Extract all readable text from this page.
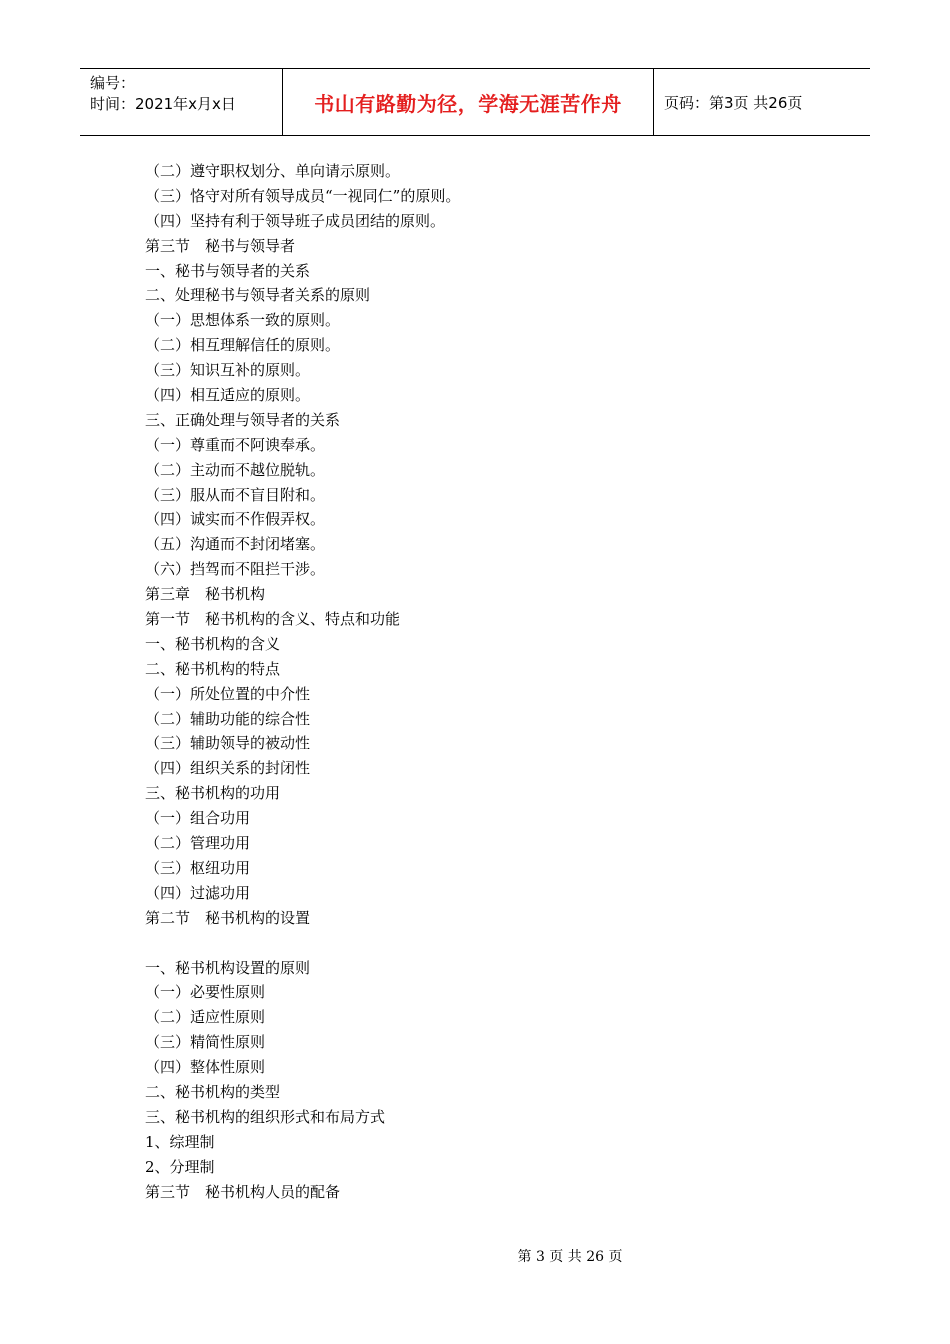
编号：
时间：2021年x月x日	书山有路勤为径，学海无涯苦作舟	页码：第3页 共26页
（二）遵守职权划分、单向请示原则。
（三）恪守对所有领导成员“一视同仁”的原则。
（四）坚持有利于领导班子成员团结的原则。
第三节　秘书与领导者
一、秘书与领导者的关系
二、处理秘书与领导者关系的原则
（一）思想体系一致的原则。
（二）相互理解信任的原则。
（三）知识互补的原则。
（四）相互适应的原则。
三、正确处理与领导者的关系
（一）尊重而不阿谀奉承。
（二）主动而不越位脱轨。
（三）服从而不盲目附和。
（四）诚实而不作假弄权。
（五）沟通而不封闭堵塞。
（六）挡驾而不阻拦干涉。
第三章　秘书机构
第一节　秘书机构的含义、特点和功能
一、秘书机构的含义
二、秘书机构的特点
（一）所处位置的中介性
（二）辅助功能的综合性
（三）辅助领导的被动性
（四）组织关系的封闭性
三、秘书机构的功用
（一）组合功用
（二）管理功用
（三）枢纽功用
（四）过滤功用
第二节　秘书机构的设置
一、秘书机构设置的原则
（一）必要性原则
（二）适应性原则
（三）精简性原则
（四）整体性原则
二、秘书机构的类型
三、秘书机构的组织形式和布局方式
1、综理制
2、分理制
第三节　秘书机构人员的配备
第 3 页 共 26 页
